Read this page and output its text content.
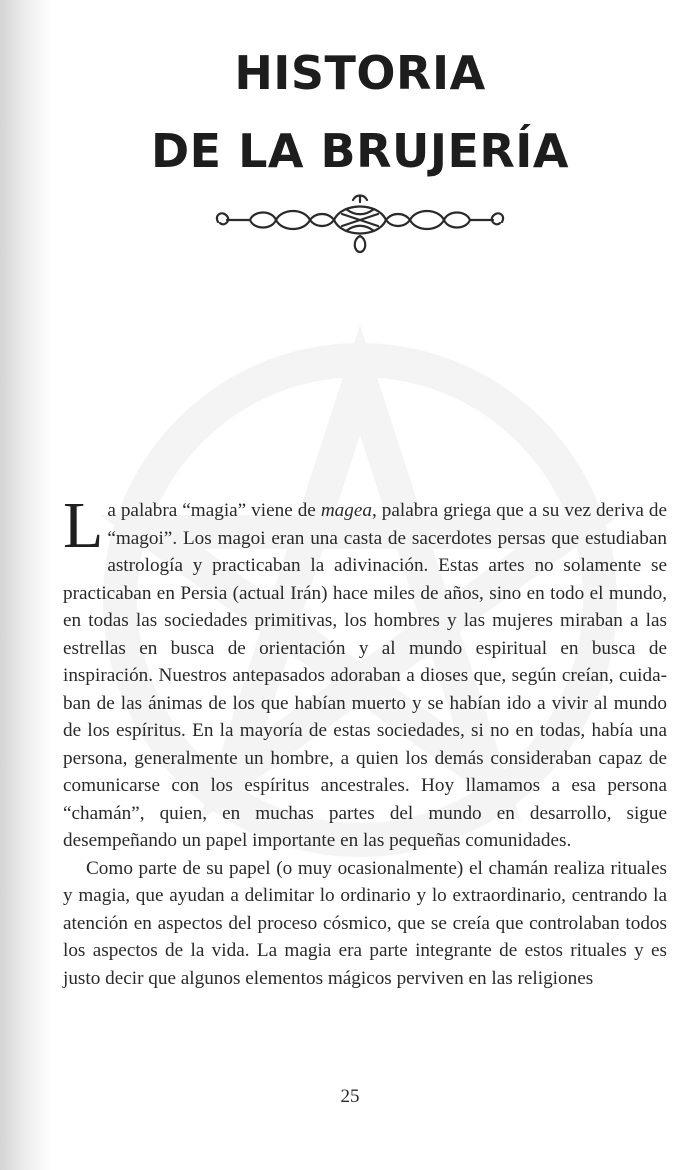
HISTORIA
DE LA BRUJERÍA

La palabra “magia” viene de magea, palabra griega que a su vez deriva de “magoi”. Los magoi eran una casta de sacerdotes persas que estudiaban astrología y practicaban la adivinación. Estas artes no solamente se practicaban en Persia (actual Irán) hace miles de años, sino en todo el mundo, en todas las sociedades primitivas, los hombres y las mujeres miraban a las estrellas en busca de orientación y al mundo espiritual en busca de inspiración. Nuestros antepasados adoraban a dioses que, según creían, cuidaban de las ánimas de los que habían muerto y se habían ido a vivir al mundo de los espíritus. En la mayoría de estas sociedades, si no en todas, había una persona, generalmente un hombre, a quien los demás consideraban capaz de comunicarse con los espíritus ancestrales. Hoy llamamos a esa persona “chamán”, quien, en muchas partes del mundo en desarrollo, sigue desempeñando un papel importante en las pequeñas comunidades.

Como parte de su papel (o muy ocasionalmente) el chamán realiza rituales y magia, que ayudan a delimitar lo ordinario y lo extraordinario, centrando la atención en aspectos del proceso cósmico, que se creía que controlaban todos los aspectos de la vida. La magia era parte integrante de estos rituales y es justo decir que algunos elementos mágicos perviven en las religiones

25
